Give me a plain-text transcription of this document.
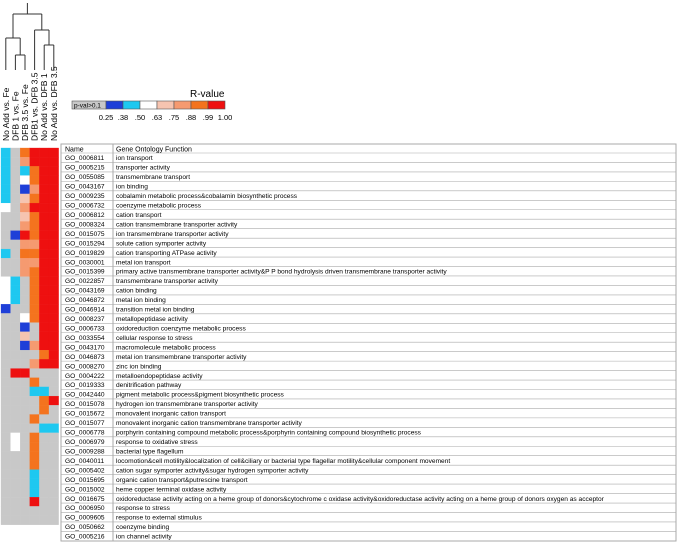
No Add vs. Fe DFB 1 vs. Fe DFB 3.5 vs. Fe DFB1 vs. DFB 3.5 No Add vs. DFB 1 No Add vs. DFB 3.5	R-value
p-val>0.1
0.25 .38 .50 .63 .75 .88 .99 1.00
GO_0006811 ion transport
GO_0005215 transporter activity
GO_0055085 transmembrane transport
GO_0043167 ion binding
GO_0009235 cobalamin metabolic process&cobalamin biosynthetic process
GO_0006732 coenzyme metabolic process
GO_0006812 cation transport
GO_0008324 cation transmembrane transporter activity
GO_0015075 ion transmembrane transporter activity
GO_0015294 solute cation symporter activity
GO_0019829 cation transporting ATPase activity
GO_0030001 metal ion transport
GO_0015399 primary active transmembrane transporter activity&P P bond hydrolysis driven transmembrane transporter activity
GO_0022857 transmembrane transporter activity
GO_0043169 cation binding
GO_0046872 metal ion binding
GO_0046914 transition metal ion binding
GO_0008237 metallopeptidase activity
GO_0006733 oxidoreduction coenzyme metabolic process
GO_0033554 cellular response to stress
GO_0043170 macromolecule metabolic process
GO_0046873 metal ion transmembrane transporter activity
GO_0008270 zinc ion binding
GO_0004222 metalloendopeptidase activity
GO_0019333 denitrification pathway
GO_0042440 pigment metabolic process&pigment biosynthetic process
GO_0015078 hydrogen ion transmembrane transporter activity
GO_0015672 monovalent inorganic cation transport
GO_0015077 monovalent inorganic cation transmembrane transporter activity
GO_0006778 porphyrin containing compound metabolic process&porphyrin containing compound biosynthetic process
GO_0006979 response to oxidative stress
GO_0009288 bacterial type flagellum
GO_0040011 locomotion&cell motility&localization of cell&ciliary or bacterial type flagellar motility&cellular component movement
GO_0005402 cation sugar symporter activity&sugar hydrogen symporter activity
GO_0015695 organic cation transport&putrescine transport
GO_0015002 heme copper terminal oxidase activity
GO_0016675 oxidoreductase activity acting on a heme group of donors&cytochrome c oxidase activity&oxidoreductase activity acting on a heme group of donors oxygen as acceptor
GO_0006950 response to stress
GO_0009605 response to external stimulus
GO_0050662 coenzyme binding
GO_0005216 ion channel activity
Name	Gene Ontology Function
